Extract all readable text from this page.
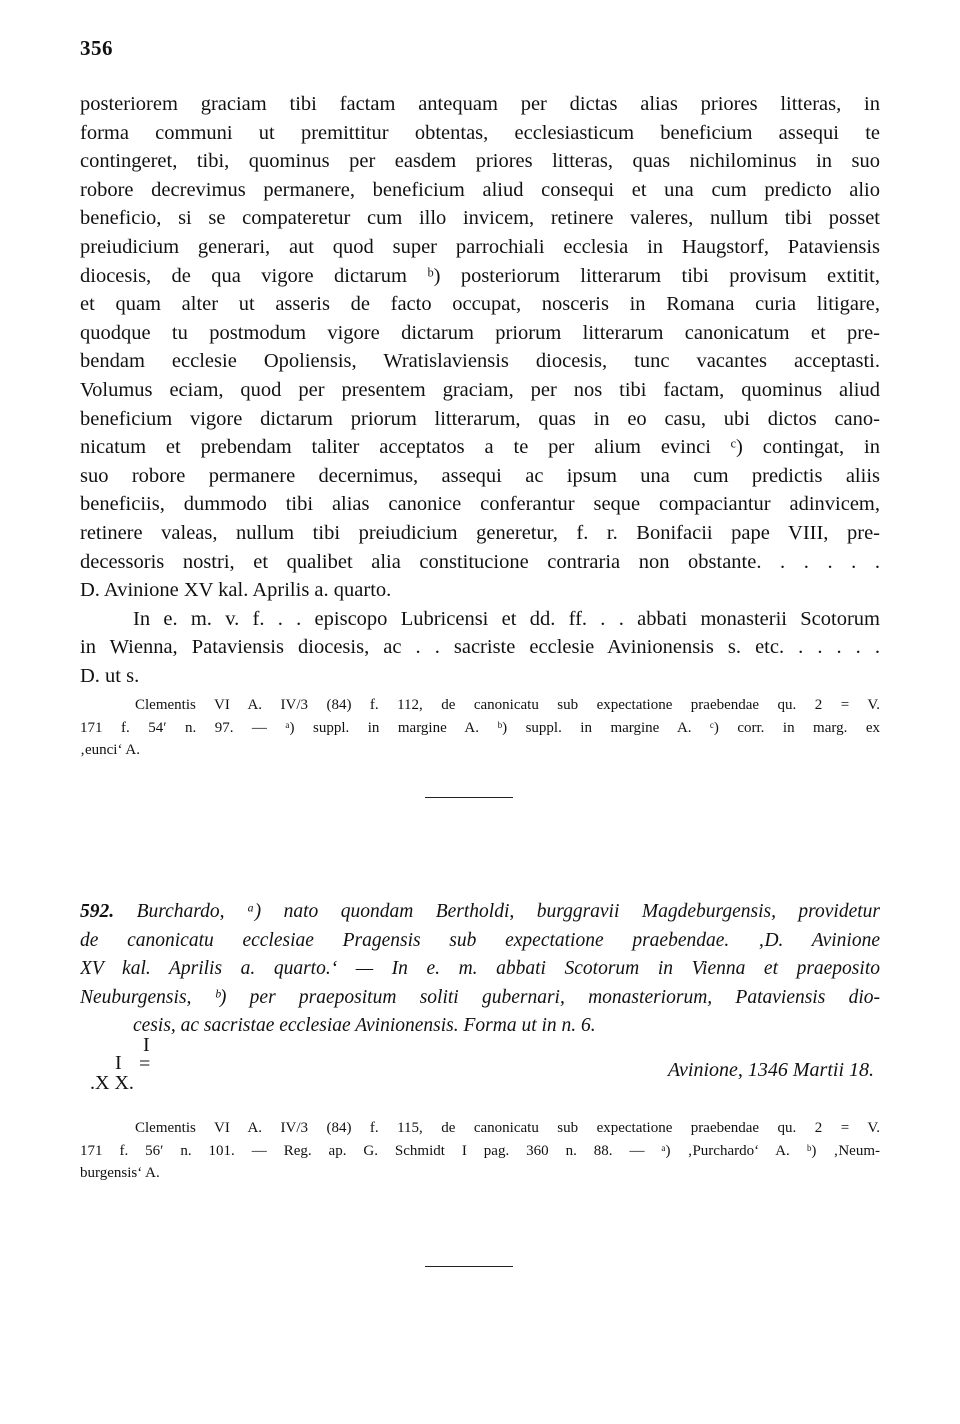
356
posteriorem graciam tibi factam antequam per dictas alias priores litteras, in
forma communi ut premittitur obtentas, ecclesiasticum beneficium assequi te
contingeret, tibi, quominus per easdem priores litteras, quas nichilominus in suo
robore decrevimus permanere, beneficium aliud consequi et una cum predicto alio
beneficio, si se compateretur cum illo invicem, retinere valeres, nullum tibi posset
preiudicium generari, aut quod super parrochiali ecclesia in Haugstorf, Pataviensis
diocesis, de qua vigore dictarum ᵇ) posteriorum litterarum tibi provisum extitit,
et quam alter ut asseris de facto occupat, nosceris in Romana curia litigare,
quodque tu postmodum vigore dictarum priorum litterarum canonicatum et pre-
bendam ecclesie Opoliensis, Wratislaviensis diocesis, tunc vacantes acceptasti.
Volumus eciam, quod per presentem graciam, per nos tibi factam, quominus aliud
beneficium vigore dictarum priorum litterarum, quas in eo casu, ubi dictos cano-
nicatum et prebendam taliter acceptatos a te per alium evinci ᶜ) contingat, in
suo robore permanere decernimus, assequi ac ipsum una cum predictis aliis
beneficiis, dummodo tibi alias canonice conferantur seque compaciantur adinvicem,
retinere valeas, nullum tibi preiudicium generetur, f. r. Bonifacii pape VIII, pre-
decessoris nostri, et qualibet alia constitucione contraria non obstante. . . . . .
D. Avinione XV kal. Aprilis a. quarto.
In e. m. v. f. . . episcopo Lubricensi et dd. ff. . . abbati monasterii Scotorum
in Wienna, Pataviensis diocesis, ac . . sacriste ecclesie Avinionensis s. etc. . . . . .
D. ut s.
Clementis VI A. IV/3 (84) f. 112, de canonicatu sub expectatione praebendae qu. 2 = V.
171 f. 54′ n. 97. — ᵃ) suppl. in margine A. ᵇ) suppl. in margine A. ᶜ) corr. in marg. ex
‚eunci‘ A.
592. Burchardo, ᵃ) nato quondam Bertholdi, burggravii Magdeburgensis, providetur
de canonicatu ecclesiae Pragensis sub expectatione praebendae. ‚D. Avinione
XV kal. Aprilis a. quarto.‘ — In e. m. abbati Scotorum in Vienna et praeposito
Neuburgensis, ᵇ) per praepositum soliti gubernari, monasteriorum, Pataviensis dio-
cesis, ac sacristae ecclesiae Avinionensis. Forma ut in n. 6.
I
I =
.X X.
Avinione, 1346 Martii 18.
Clementis VI A. IV/3 (84) f. 115, de canonicatu sub expectatione praebendae qu. 2 = V.
171 f. 56′ n. 101. — Reg. ap. G. Schmidt I pag. 360 n. 88. — ᵃ) ‚Purchardo‘ A. ᵇ) ‚Neum-
burgensis‘ A.
